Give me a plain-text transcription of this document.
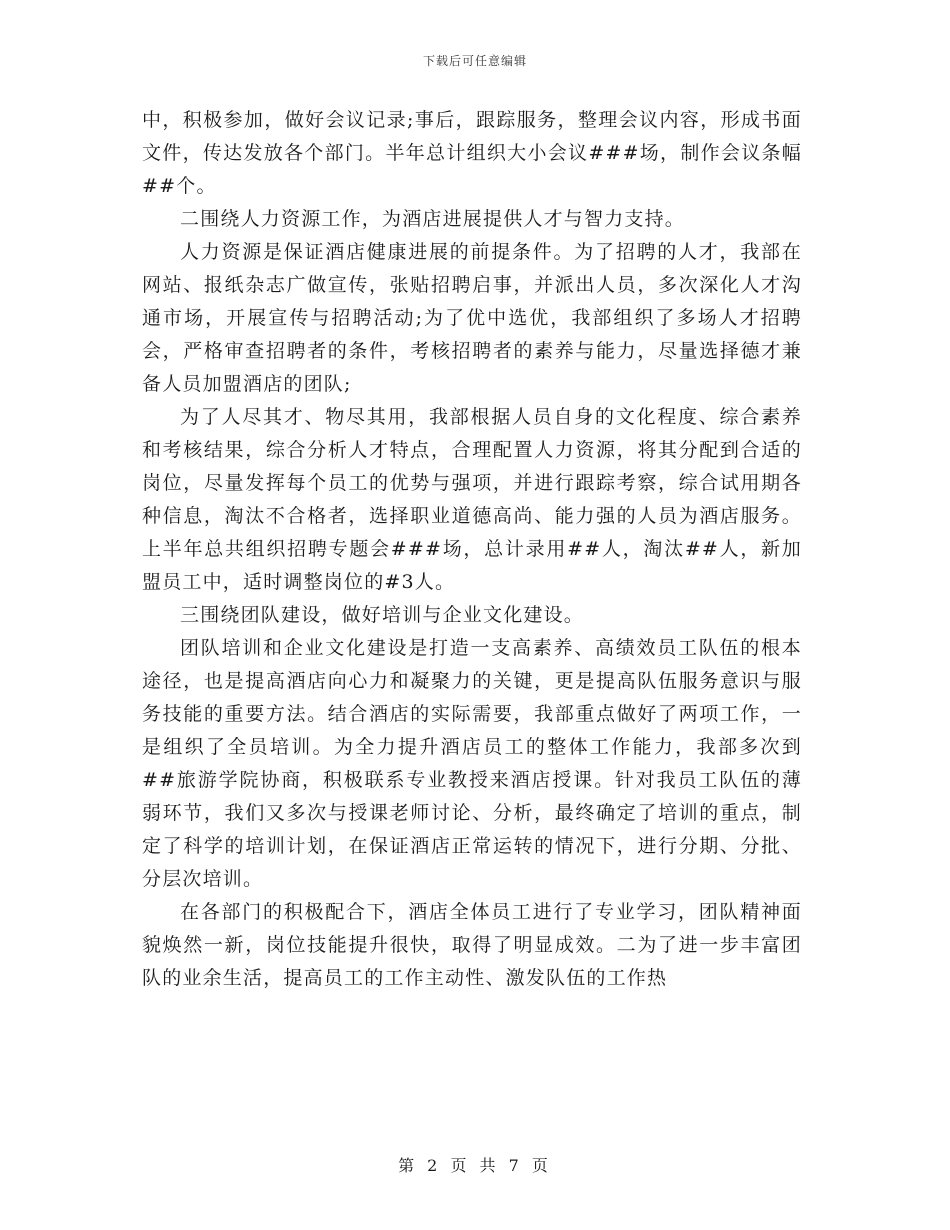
下载后可任意编辑

中，积极参加，做好会议记录;事后，跟踪服务，整理会议内容，形成书面文件，传达发放各个部门。半年总计组织大小会议###场，制作会议条幅##个。

二围绕人力资源工作，为酒店进展提供人才与智力支持。

人力资源是保证酒店健康进展的前提条件。为了招聘的人才，我部在网站、报纸杂志广做宣传，张贴招聘启事，并派出人员，多次深化人才沟通市场，开展宣传与招聘活动;为了优中选优，我部组织了多场人才招聘会，严格审查招聘者的条件，考核招聘者的素养与能力，尽量选择德才兼备人员加盟酒店的团队;

为了人尽其才、物尽其用，我部根据人员自身的文化程度、综合素养和考核结果，综合分析人才特点，合理配置人力资源，将其分配到合适的岗位，尽量发挥每个员工的优势与强项，并进行跟踪考察，综合试用期各种信息，淘汰不合格者，选择职业道德高尚、能力强的人员为酒店服务。上半年总共组织招聘专题会###场，总计录用##人，淘汰##人，新加盟员工中，适时调整岗位的#3人。

三围绕团队建设，做好培训与企业文化建设。

团队培训和企业文化建设是打造一支高素养、高绩效员工队伍的根本途径，也是提高酒店向心力和凝聚力的关键，更是提高队伍服务意识与服务技能的重要方法。结合酒店的实际需要，我部重点做好了两项工作，一是组织了全员培训。为全力提升酒店员工的整体工作能力，我部多次到##旅游学院协商，积极联系专业教授来酒店授课。针对我员工队伍的薄弱环节，我们又多次与授课老师讨论、分析，最终确定了培训的重点，制定了科学的培训计划，在保证酒店正常运转的情况下，进行分期、分批、分层次培训。

在各部门的积极配合下，酒店全体员工进行了专业学习，团队精神面貌焕然一新，岗位技能提升很快，取得了明显成效。二为了进一步丰富团队的业余生活，提高员工的工作主动性、激发队伍的工作热

第 2 页 共 7 页
